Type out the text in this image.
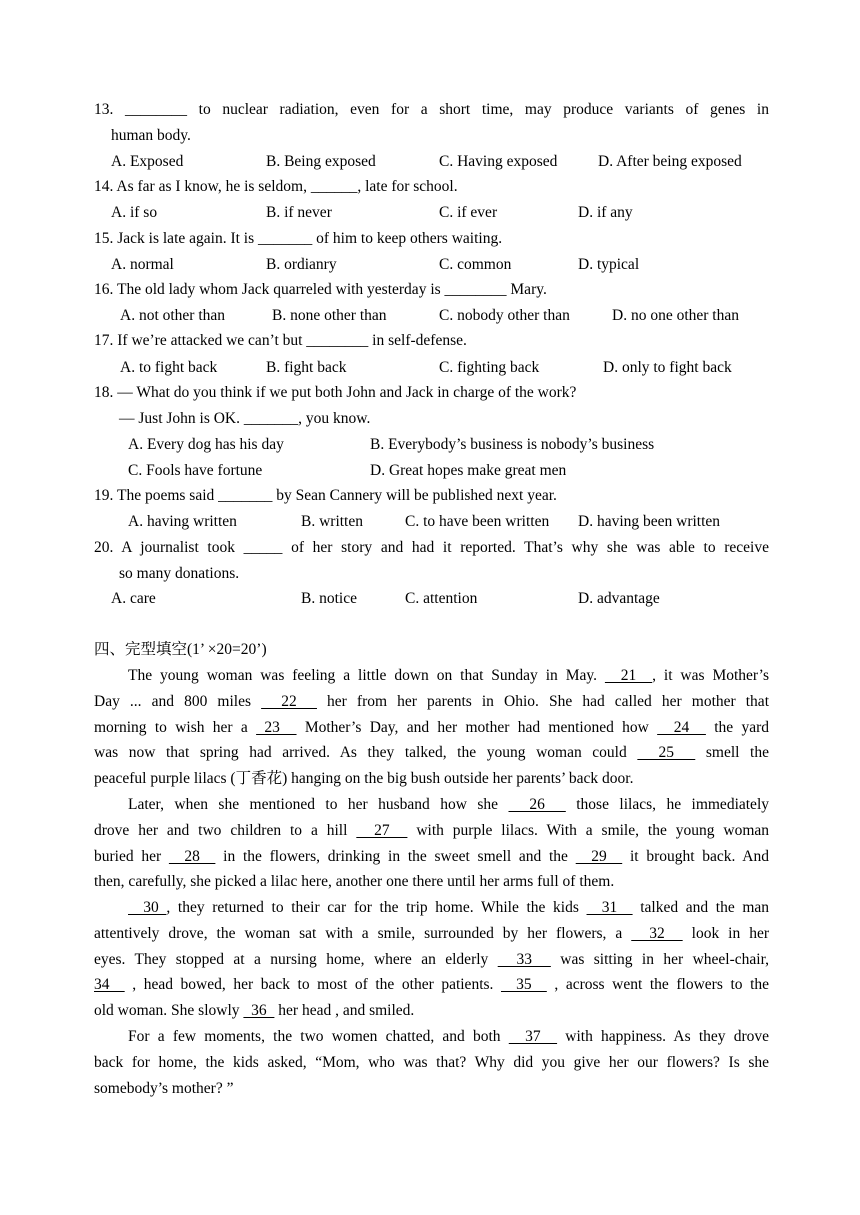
13. ________ to nuclear radiation, even for a short time, may produce variants of genes in
human body.
A. Exposed	B. Being exposed	C. Having exposed	D. After being exposed
14. As far as I know, he is seldom, ______, late for school.
A. if so	B. if never	C. if ever	D. if any
15. Jack is late again. It is _______ of him to keep others waiting.
A. normal	B. ordianry	C. common	D. typical
16. The old lady whom Jack quarreled with yesterday is ________ Mary.
A. not other than	B. none other than	C. nobody other than	D. no one other than
17. If we’re attacked we can’t but ________ in self-defense.
A. to fight back	B. fight back	C. fighting back	D. only to fight back
18. — What do you think if we put both John and Jack in charge of the work?
— Just John is OK. _______, you know.
A. Every dog has his day	B. Everybody’s business is nobody’s business
C. Fools have fortune	D. Great hopes make great men
19. The poems said _______ by Sean Cannery will be published next year.
A. having written	B. written	C. to have been written D. having been written
20. A journalist took _____ of her story and had it reported. That’s why she was able to receive
so many donations.
A. care	B. notice	C. attention	D. advantage
四、完型填空(1’ ×20=20’)
The young woman was feeling a little down on that Sunday in May.   21  , it was Mother’s
Day ... and 800 miles   22   her from her parents in Ohio. She had called her mother that
morning to wish her a  23   Mother’s Day, and her mother had mentioned how   24   the yard
was now that spring had arrived. As they talked, the young woman could   25   smell the
peaceful purple lilacs (丁香花) hanging on the big bush outside her parents’ back door.
Later, when she mentioned to her husband how she   26   those lilacs, he immediately
drove her and two children to a hill   27   with purple lilacs. With a smile, the young woman
buried her   28   in the flowers, drinking in the sweet smell and the   29   it brought back. And
then, carefully, she picked a lilac here, another one there until her arms full of them.
30 , they returned to their car for the trip home. While the kids   31   talked and the man
attentively drove, the woman sat with a smile, surrounded by her flowers, a   32   look in her
eyes. They stopped at a nursing home, where an elderly   33   was sitting in her wheel-chair,
34   , head bowed, her back to most of the other patients.   35   , across went the flowers to the
old woman. She slowly   36   her head , and smiled.
For a few moments, the two women chatted, and both   37   with happiness. As they drove
back for home, the kids asked, “Mom, who was that? Why did you give her our flowers? Is she
somebody’s mother? ”
